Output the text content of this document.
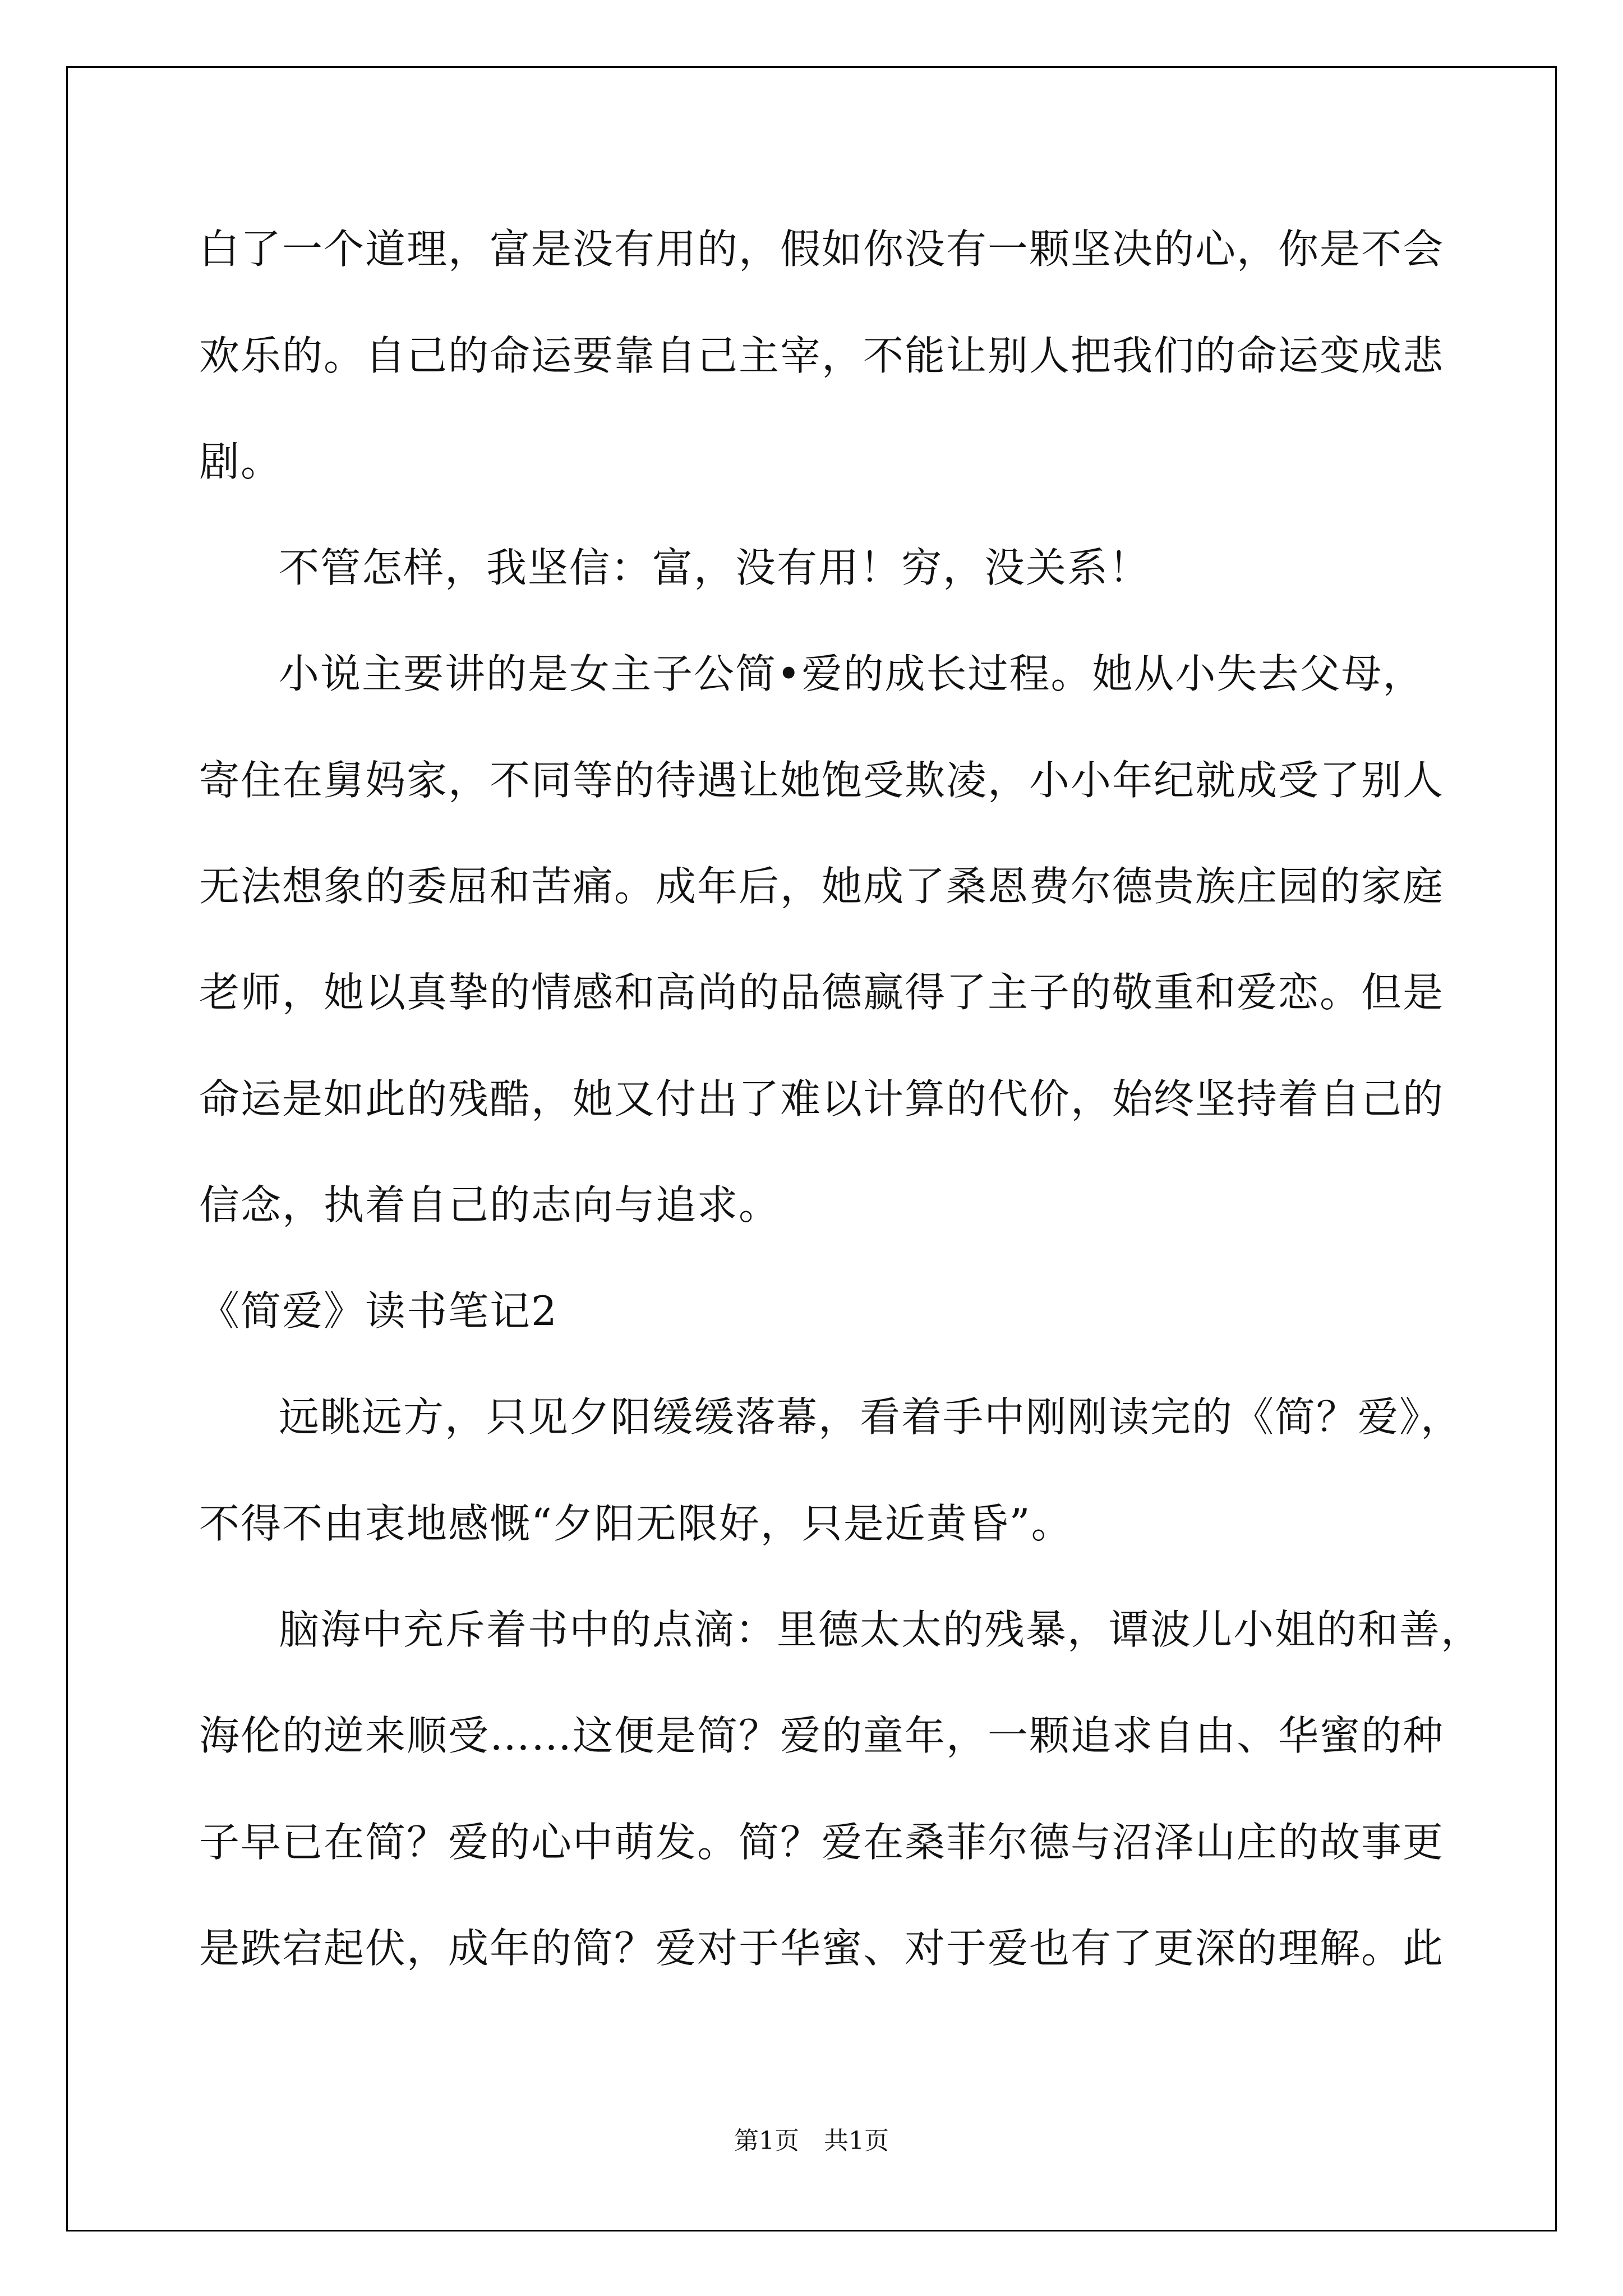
白了一个道理，富是没有用的，假如你没有一颗坚决的心，你是不会
欢乐的。自己的命运要靠自己主宰，不能让别人把我们的命运变成悲
剧。
不管怎样，我坚信：富，没有用！穷，没关系！
小说主要讲的是女主子公简•爱的成长过程。她从小失去父母，
寄住在舅妈家，不同等的待遇让她饱受欺凌，小小年纪就成受了别人
无法想象的委屈和苦痛。成年后，她成了桑恩费尔德贵族庄园的家庭
老师，她以真挚的情感和高尚的品德赢得了主子的敬重和爱恋。但是
命运是如此的残酷，她又付出了难以计算的代价，始终坚持着自己的
信念，执着自己的志向与追求。
《简爱》读书笔记2
远眺远方，只见夕阳缓缓落幕，看着手中刚刚读完的《简？爱》，
不得不由衷地感慨“夕阳无限好，只是近黄昏”。
脑海中充斥着书中的点滴：里德太太的残暴，谭波儿小姐的和善，
海伦的逆来顺受……这便是简？爱的童年，一颗追求自由、华蜜的种
子早已在简？爱的心中萌发。简？爱在桑菲尔德与沼泽山庄的故事更
是跌宕起伏，成年的简？爱对于华蜜、对于爱也有了更深的理解。此
第1页　共1页
